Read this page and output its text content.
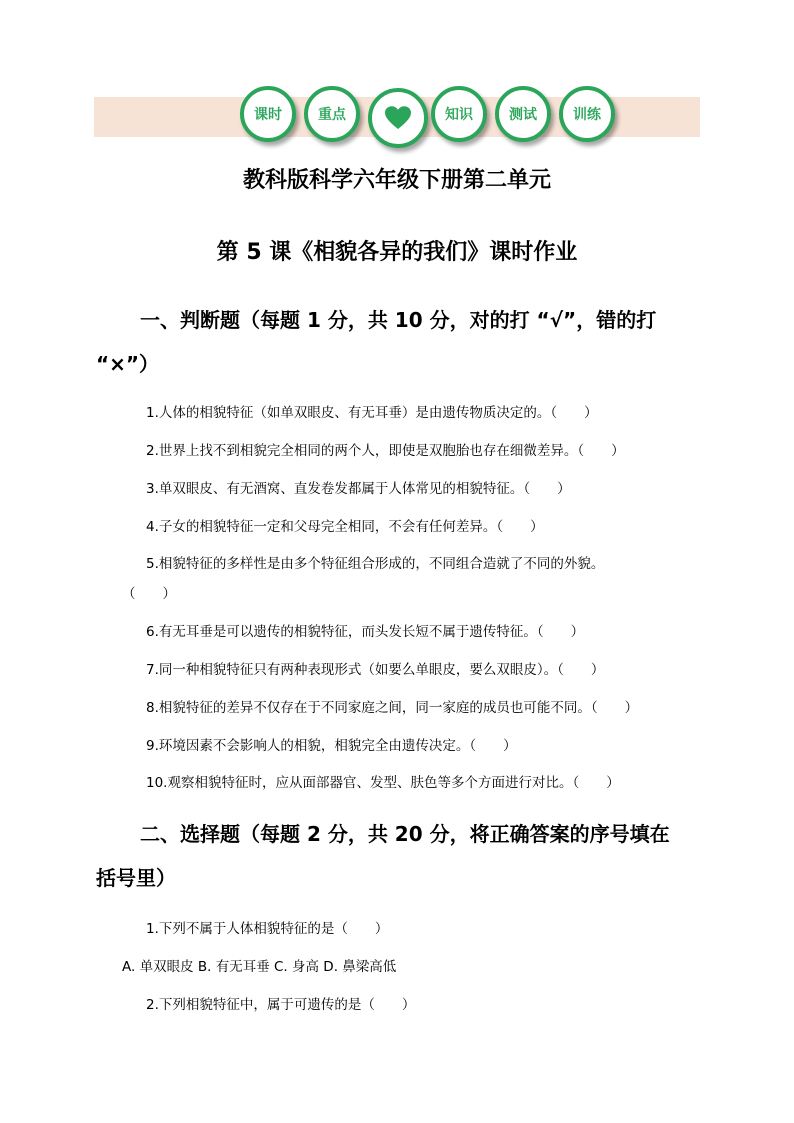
课时	重点	知识	测试	训练
教科版科学六年级下册第二单元
第 5 课《相貌各异的我们》课时作业
一、判断题（每题 1 分，共 10 分，对的打 “√”，错的打
“×”）
1.人体的相貌特征（如单双眼皮、有无耳垂）是由遗传物质决定的。（　　）
2.世界上找不到相貌完全相同的两个人，即使是双胞胎也存在细微差异。（　　）
3.单双眼皮、有无酒窝、直发卷发都属于人体常见的相貌特征。（　　）
4.子女的相貌特征一定和父母完全相同，不会有任何差异。（　　）
5.相貌特征的多样性是由多个特征组合形成的，不同组合造就了不同的外貌。
（　　）
6.有无耳垂是可以遗传的相貌特征，而头发长短不属于遗传特征。（　　）
7.同一种相貌特征只有两种表现形式（如要么单眼皮，要么双眼皮）。（　　）
8.相貌特征的差异不仅存在于不同家庭之间，同一家庭的成员也可能不同。（　　）
9.环境因素不会影响人的相貌，相貌完全由遗传决定。（　　）
10.观察相貌特征时，应从面部器官、发型、肤色等多个方面进行对比。（　　）
二、选择题（每题 2 分，共 20 分，将正确答案的序号填在
括号里）
1.下列不属于人体相貌特征的是（　　）
A. 单双眼皮 B. 有无耳垂 C. 身高 D. 鼻梁高低
2.下列相貌特征中，属于可遗传的是（　　）
